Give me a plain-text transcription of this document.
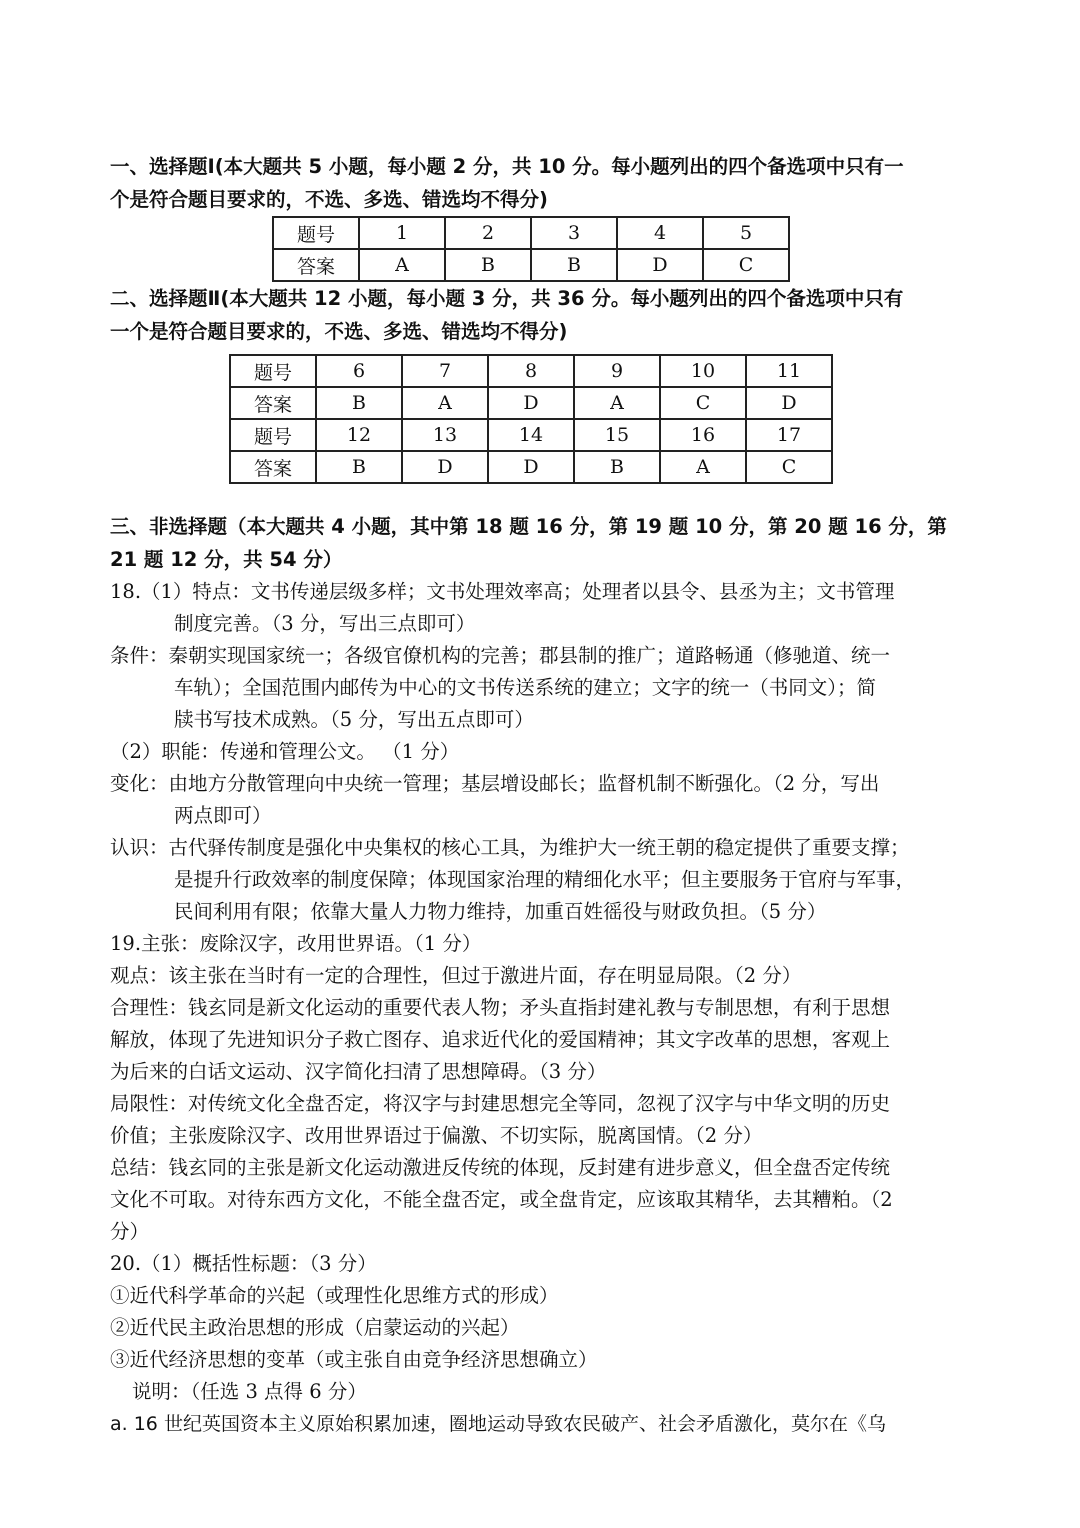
一、选择题Ⅰ(本大题共 5 小题，每小题 2 分，共 10 分。每小题列出的四个备选项中只有一
个是符合题目要求的，不选、多选、错选均不得分)
题号	1	2	3	4	5
答案	A	B	B	D	C
二、选择题Ⅱ(本大题共 12 小题，每小题 3 分，共 36 分。每小题列出的四个备选项中只有
一个是符合题目要求的，不选、多选、错选均不得分)
题号	6	7	8	9	10	11
答案	B	A	D	A	C	D
题号	12	13	14	15	16	17
答案	B	D	D	B	A	C
三、非选择题（本大题共 4 小题，其中第 18 题 16 分，第 19 题 10 分，第 20 题 16 分，第
21 题 12 分，共 54 分）
18.（1）特点：文书传递层级多样；文书处理效率高；处理者以县令、县丞为主；文书管理
制度完善。（3 分，写出三点即可）
条件：秦朝实现国家统一；各级官僚机构的完善；郡县制的推广；道路畅通（修驰道、统一
车轨）；全国范围内邮传为中心的文书传送系统的建立；文字的统一（书同文）；简
牍书写技术成熟。（5 分，写出五点即可）
（2）职能：传递和管理公文。 （1 分）
变化：由地方分散管理向中央统一管理；基层增设邮长；监督机制不断强化。（2 分，写出
两点即可）
认识：古代驿传制度是强化中央集权的核心工具，为维护大一统王朝的稳定提供了重要支撑；
是提升行政效率的制度保障；体现国家治理的精细化水平；但主要服务于官府与军事，
民间利用有限；依靠大量人力物力维持，加重百姓徭役与财政负担。（5 分）
19.主张：废除汉字，改用世界语。（1 分）
观点：该主张在当时有一定的合理性，但过于激进片面，存在明显局限。（2 分）
合理性：钱玄同是新文化运动的重要代表人物；矛头直指封建礼教与专制思想，有利于思想
解放，体现了先进知识分子救亡图存、追求近代化的爱国精神；其文字改革的思想，客观上
为后来的白话文运动、汉字简化扫清了思想障碍。（3 分）
局限性：对传统文化全盘否定，将汉字与封建思想完全等同，忽视了汉字与中华文明的历史
价值；主张废除汉字、改用世界语过于偏激、不切实际，脱离国情。（2 分）
总结：钱玄同的主张是新文化运动激进反传统的体现，反封建有进步意义，但全盘否定传统
文化不可取。对待东西方文化，不能全盘否定，或全盘肯定，应该取其精华，去其糟粕。（2
分）
20.（1）概括性标题：（3 分）
①近代科学革命的兴起（或理性化思维方式的形成）
②近代民主政治思想的形成（启蒙运动的兴起）
③近代经济思想的变革（或主张自由竞争经济思想确立）
说明：（任选 3 点得 6 分）
a. 16 世纪英国资本主义原始积累加速，圈地运动导致农民破产、社会矛盾激化，莫尔在《乌
